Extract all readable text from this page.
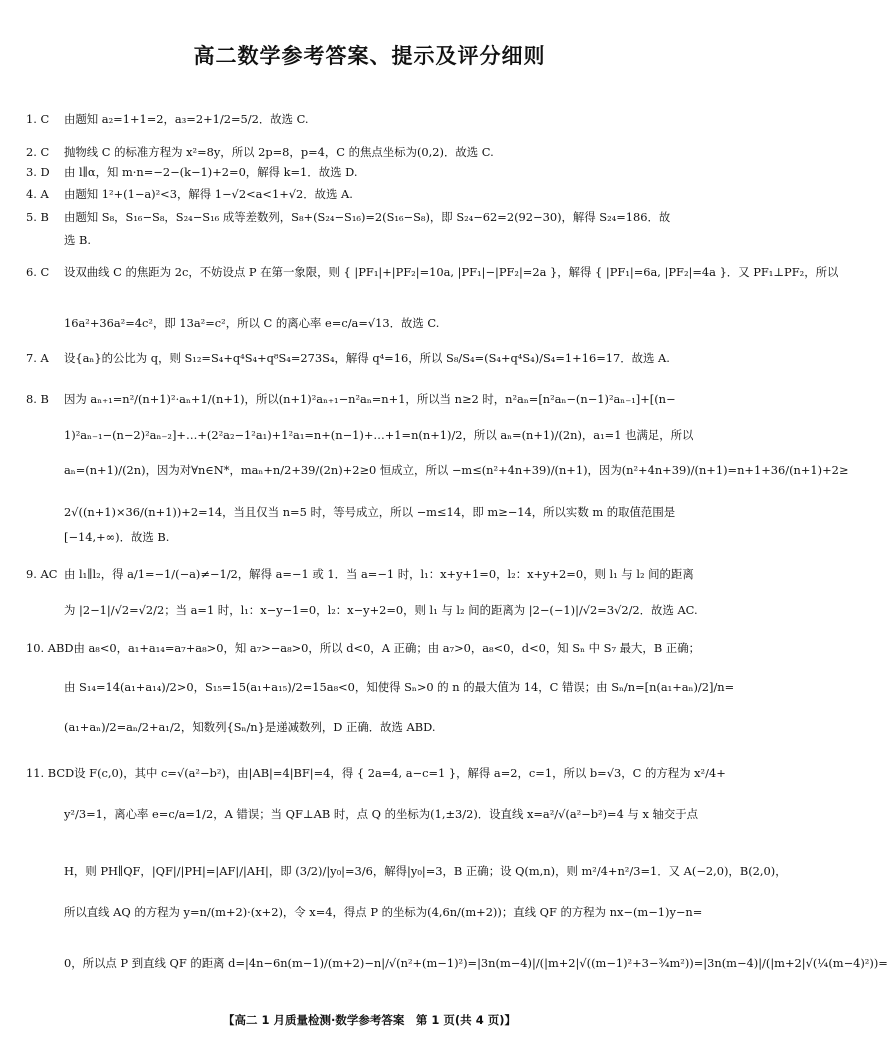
高二数学参考答案、提示及评分细则
1. C 由题知 a₂=1+1=2，a₃=2+1/2=5/2．故选 C.
2. C 抛物线 C 的标准方程为 x²=8y，所以 2p=8，p=4，C 的焦点坐标为(0,2)．故选 C.
3. D 由 l∥α，知 m·n=−2−(k−1)+2=0，解得 k=1．故选 D.
4. A 由题知 1²+(1−a)²<3，解得 1−√2<a<1+√2．故选 A.
5. B 由题知 S₈，S₁₆−S₈，S₂₄−S₁₆ 成等差数列，S₈+(S₂₄−S₁₆)=2(S₁₆−S₈)，即 S₂₄−62=2(92−30)，解得 S₂₄=186．故
选 B.
6. C 设双曲线 C 的焦距为 2c，不妨设点 P 在第一象限，则 { |PF₁|+|PF₂|=10a, |PF₁|−|PF₂|=2a }，解得 { |PF₁|=6a, |PF₂|=4a }．又 PF₁⊥PF₂，所以
16a²+36a²=4c²，即 13a²=c²，所以 C 的离心率 e=c/a=√13．故选 C.
7. A 设{aₙ}的公比为 q，则 S₁₂=S₄+q⁴S₄+q⁸S₄=273S₄，解得 q⁴=16，所以 S₈/S₄=(S₄+q⁴S₄)/S₄=1+16=17．故选 A.
8. B 因为 aₙ₊₁=n²/(n+1)²·aₙ+1/(n+1)，所以(n+1)²aₙ₊₁−n²aₙ=n+1，所以当 n≥2 时，n²aₙ=[n²aₙ−(n−1)²aₙ₋₁]+[(n−
1)²aₙ₋₁−(n−2)²aₙ₋₂]+…+(2²a₂−1²a₁)+1²a₁=n+(n−1)+…+1=n(n+1)/2，所以 aₙ=(n+1)/(2n)，a₁=1 也满足，所以
aₙ=(n+1)/(2n)，因为对∀n∈N*，maₙ+n/2+39/(2n)+2≥0 恒成立，所以 −m≤(n²+4n+39)/(n+1)，因为(n²+4n+39)/(n+1)=n+1+36/(n+1)+2≥
2√((n+1)×36/(n+1))+2=14，当且仅当 n=5 时，等号成立，所以 −m≤14，即 m≥−14，所以实数 m 的取值范围是
[−14,+∞)．故选 B.
9. AC 由 l₁∥l₂，得 a/1=−1/(−a)≠−1/2，解得 a=−1 或 1．当 a=−1 时，l₁：x+y+1=0，l₂：x+y+2=0，则 l₁ 与 l₂ 间的距离
为 |2−1|/√2=√2/2；当 a=1 时，l₁：x−y−1=0，l₂：x−y+2=0，则 l₁ 与 l₂ 间的距离为 |2−(−1)|/√2=3√2/2．故选 AC.
10. ABD由 a₈<0，a₁+a₁₄=a₇+a₈>0，知 a₇>−a₈>0，所以 d<0，A 正确；由 a₇>0，a₈<0，d<0，知 Sₙ 中 S₇ 最大，B 正确；
由 S₁₄=14(a₁+a₁₄)/2>0，S₁₅=15(a₁+a₁₅)/2=15a₈<0，知使得 Sₙ>0 的 n 的最大值为 14，C 错误；由 Sₙ/n=[n(a₁+aₙ)/2]/n=
(a₁+aₙ)/2=aₙ/2+a₁/2，知数列{Sₙ/n}是递减数列，D 正确．故选 ABD.
11. BCD设 F(c,0)，其中 c=√(a²−b²)，由|AB|=4|BF|=4，得 { 2a=4, a−c=1 }，解得 a=2，c=1，所以 b=√3，C 的方程为 x²/4+
y²/3=1，离心率 e=c/a=1/2，A 错误；当 QF⊥AB 时，点 Q 的坐标为(1,±3/2)．设直线 x=a²/√(a²−b²)=4 与 x 轴交于点
H，则 PH∥QF，|QF|/|PH|=|AF|/|AH|，即 (3/2)/|y₀|=3/6，解得|y₀|=3，B 正确；设 Q(m,n)，则 m²/4+n²/3=1．又 A(−2,0)，B(2,0)，
所以直线 AQ 的方程为 y=n/(m+2)·(x+2)，令 x=4，得点 P 的坐标为(4,6n/(m+2))；直线 QF 的方程为 nx−(m−1)y−n=
0，所以点 P 到直线 QF 的距离 d=|4n−6n(m−1)/(m+2)−n|/√(n²+(m−1)²)=|3n(m−4)|/(|m+2|√((m−1)²+3−¾m²))=|3n(m−4)|/(|m+2|√(¼(m−4)²))=
【高二 1 月质量检测·数学参考答案　第 1 页(共 4 页)】
